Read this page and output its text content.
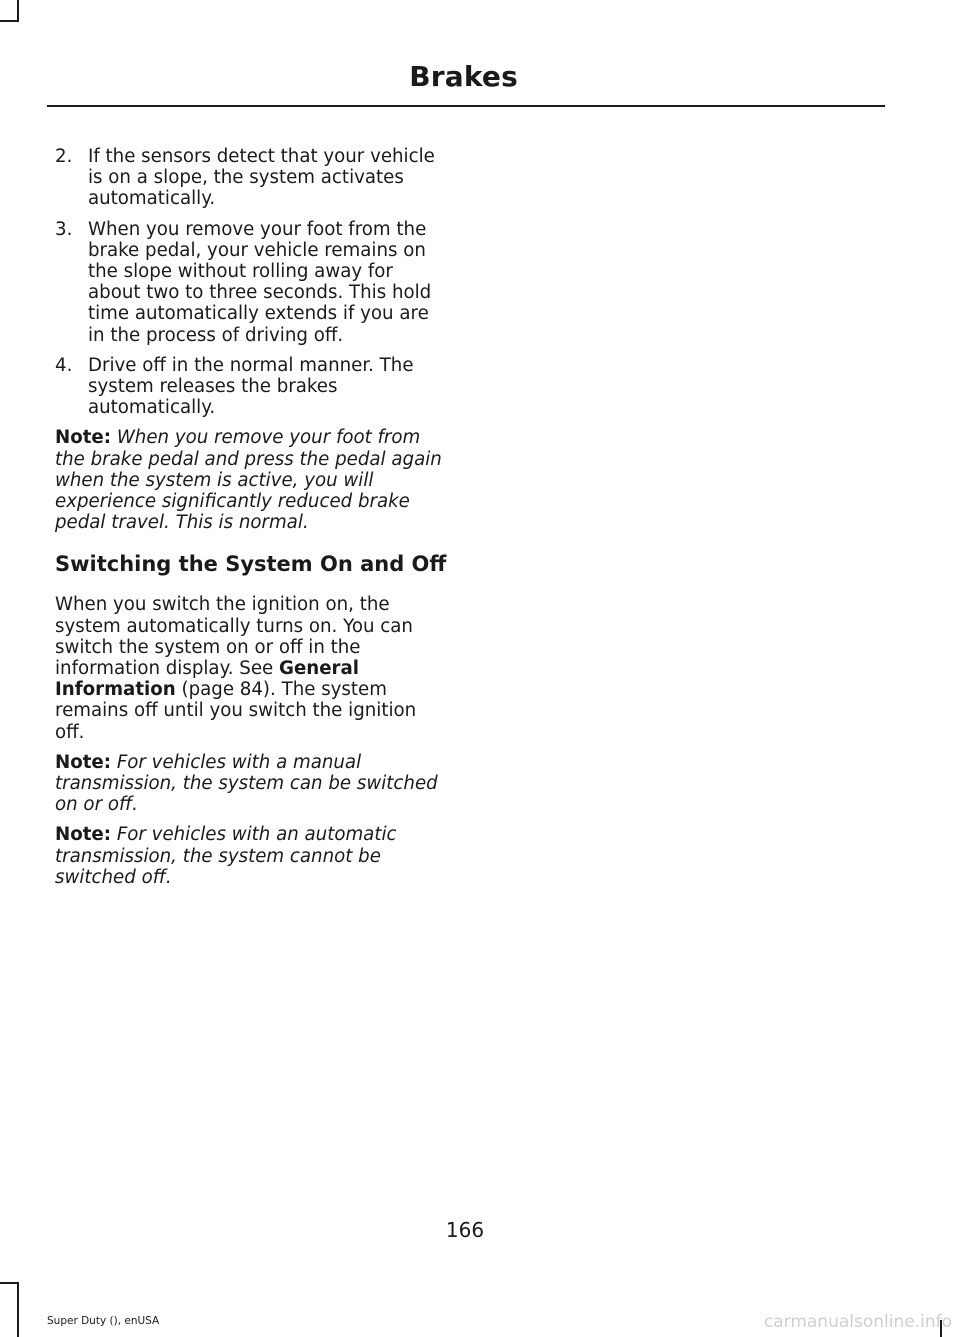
Brakes
2. If the sensors detect that your vehicle is on a slope, the system activates automatically.
3. When you remove your foot from the brake pedal, your vehicle remains on the slope without rolling away for about two to three seconds. This hold time automatically extends if you are in the process of driving off.
4. Drive off in the normal manner. The system releases the brakes automatically.

Note: When you remove your foot from the brake pedal and press the pedal again when the system is active, you will experience significantly reduced brake pedal travel. This is normal.

Switching the System On and Off

When you switch the ignition on, the system automatically turns on. You can switch the system on or off in the information display. See General Information (page 84). The system remains off until you switch the ignition off.

Note: For vehicles with a manual transmission, the system can be switched on or off.

Note: For vehicles with an automatic transmission, the system cannot be switched off.

166
Super Duty (), enUSA	carmanualsonline.info
